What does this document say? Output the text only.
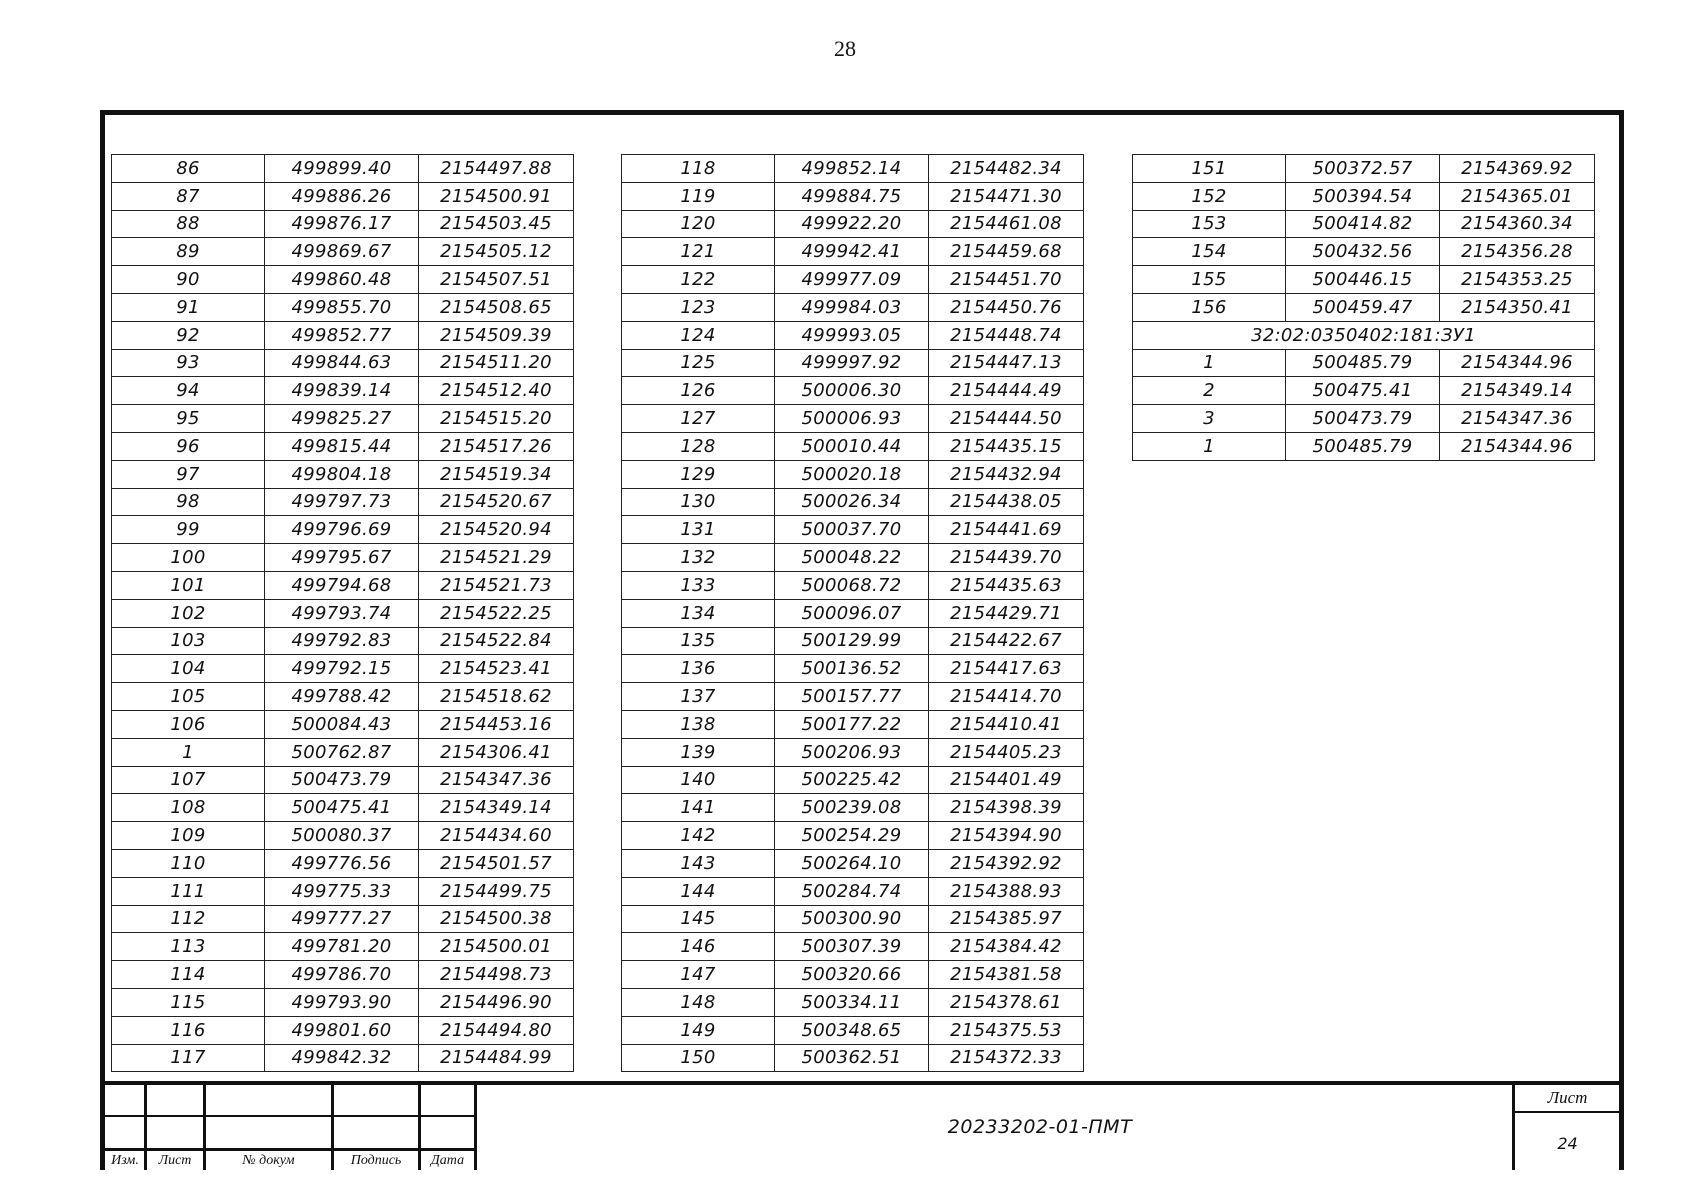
28
86	499899.40	2154497.88
87	499886.26	2154500.91
88	499876.17	2154503.45
89	499869.67	2154505.12
90	499860.48	2154507.51
91	499855.70	2154508.65
92	499852.77	2154509.39
93	499844.63	2154511.20
94	499839.14	2154512.40
95	499825.27	2154515.20
96	499815.44	2154517.26
97	499804.18	2154519.34
98	499797.73	2154520.67
99	499796.69	2154520.94
100	499795.67	2154521.29
101	499794.68	2154521.73
102	499793.74	2154522.25
103	499792.83	2154522.84
104	499792.15	2154523.41
105	499788.42	2154518.62
106	500084.43	2154453.16
1	500762.87	2154306.41
107	500473.79	2154347.36
108	500475.41	2154349.14
109	500080.37	2154434.60
110	499776.56	2154501.57
111	499775.33	2154499.75
112	499777.27	2154500.38
113	499781.20	2154500.01
114	499786.70	2154498.73
115	499793.90	2154496.90
116	499801.60	2154494.80
117	499842.32	2154484.99
118	499852.14	2154482.34
119	499884.75	2154471.30
120	499922.20	2154461.08
121	499942.41	2154459.68
122	499977.09	2154451.70
123	499984.03	2154450.76
124	499993.05	2154448.74
125	499997.92	2154447.13
126	500006.30	2154444.49
127	500006.93	2154444.50
128	500010.44	2154435.15
129	500020.18	2154432.94
130	500026.34	2154438.05
131	500037.70	2154441.69
132	500048.22	2154439.70
133	500068.72	2154435.63
134	500096.07	2154429.71
135	500129.99	2154422.67
136	500136.52	2154417.63
137	500157.77	2154414.70
138	500177.22	2154410.41
139	500206.93	2154405.23
140	500225.42	2154401.49
141	500239.08	2154398.39
142	500254.29	2154394.90
143	500264.10	2154392.92
144	500284.74	2154388.93
145	500300.90	2154385.97
146	500307.39	2154384.42
147	500320.66	2154381.58
148	500334.11	2154378.61
149	500348.65	2154375.53
150	500362.51	2154372.33
151	500372.57	2154369.92
152	500394.54	2154365.01
153	500414.82	2154360.34
154	500432.56	2154356.28
155	500446.15	2154353.25
156	500459.47	2154350.41
32:02:0350402:181:ЗУ1		
1	500485.79	2154344.96
2	500475.41	2154349.14
3	500473.79	2154347.36
1	500485.79	2154344.96
Изм.	Лист	№ докум	Подпись	Дата
20233202-01-ПМТ
Лист
24
